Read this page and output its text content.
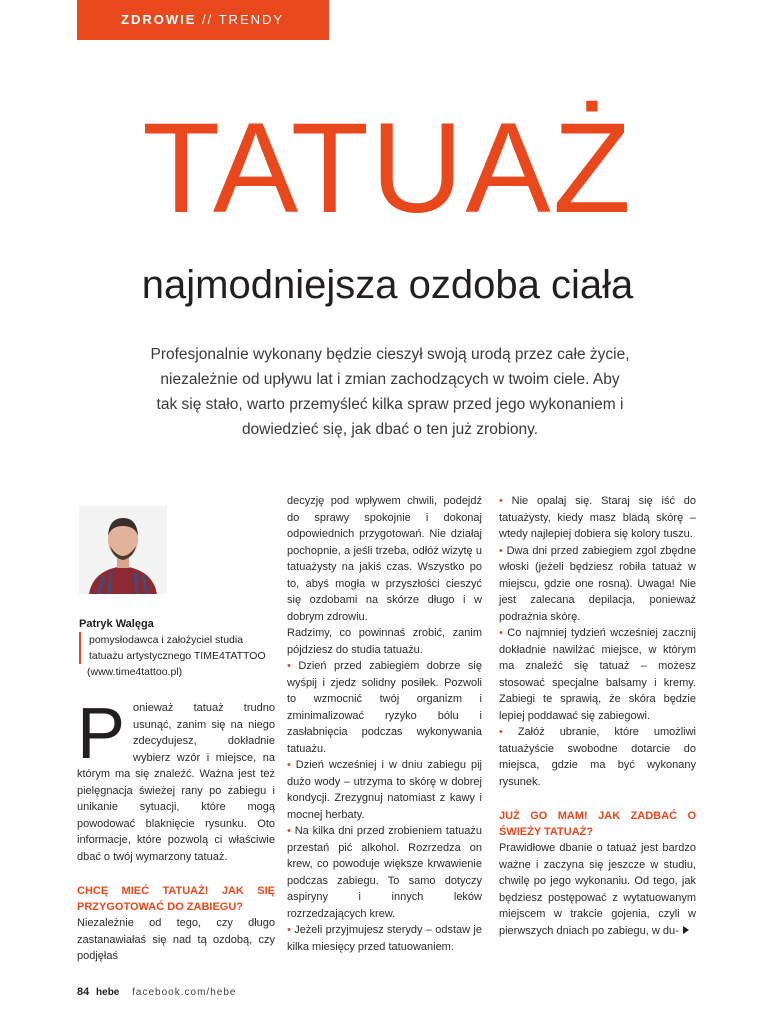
ZDROWIE // TRENDY
TATUAŻ
najmodniejsza ozdoba ciała
Profesjonalnie wykonany będzie cieszył swoją urodą przez całe życie, niezależnie od upływu lat i zmian zachodzących w twoim ciele. Aby tak się stało, warto przemyśleć kilka spraw przed jego wykonaniem i dowiedzieć się, jak dbać o ten już zrobiony.
Patryk Walęga
pomysłodawca i założyciel studia tatuażu artystycznego TIME4TATTOO
(www.time4tattoo.pl)

Ponieważ tatuaż trudno usunąć, zanim się na niego zdecydujesz, dokładnie wybierz wzór i miejsce, na którym ma się znaleźć. Ważna jest też pielęgnacja świeżej rany po zabiegu i unikanie sytuacji, które mogą powodować blaknięcie rysunku. Oto informacje, które pozwolą ci właściwie dbać o twój wymarzony tatuaż.

CHCĘ MIEĆ TATUAŻ! JAK SIĘ PRZYGOTOWAĆ DO ZABIEGU?

Niezależnie od tego, czy długo zastanawiałaś się nad tą ozdobą, czy podjęłaś

decyzję pod wpływem chwili, podejdź do sprawy spokojnie i dokonaj odpowiednich przygotowań. Nie działaj pochopnie, a jeśli trzeba, odłóż wizytę u tatuażysty na jakiś czas. Wszystko po to, abyś mogła w przyszłości cieszyć się ozdobami na skórze długo i w dobrym zdrowiu.

Radzimy, co powinnaś zrobić, zanim pójdziesz do studia tatuażu.

• Dzień przed zabiegiem dobrze się wyśpij i zjedz solidny posiłek. Pozwoli to wzmocnić twój organizm i zminimalizować ryzyko bólu i zasłabnięcia podczas wykonywania tatuażu.

• Dzień wcześniej i w dniu zabiegu pij dużo wody – utrzyma to skórę w dobrej kondycji. Zrezygnuj natomiast z kawy i mocnej herbaty.

• Na kilka dni przed zrobieniem tatuażu przestań pić alkohol. Rozrzedza on krew, co powoduje większe krwawienie podczas zabiegu. To samo dotyczy aspiryny i innych leków rozrzedzających krew.

• Jeżeli przyjmujesz sterydy – odstaw je kilka miesięcy przed tatuowaniem.

• Nie opalaj się. Staraj się iść do tatuażysty, kiedy masz bladą skórę – wtedy najlepiej dobiera się kolory tuszu.

• Dwa dni przed zabiegiem zgol zbędne włoski (jeżeli będziesz robiła tatuaż w miejscu, gdzie one rosną). Uwaga! Nie jest zalecana depilacja, ponieważ podrażnia skórę.

• Co najmniej tydzień wcześniej zacznij dokładnie nawilżać miejsce, w którym ma znaleźć się tatuaż – możesz stosować specjalne balsamy i kremy. Zabiegi te sprawią, że skóra będzie lepiej poddawać się zabiegowi.

• Załóż ubranie, które umożliwi tatuażyście swobodne dotarcie do miejsca, gdzie ma być wykonany rysunek.

JUŻ GO MAM! JAK ZADBAĆ O ŚWIEŻY TATUAŻ?

Prawidłowe dbanie o tatuaż jest bardzo ważne i zaczyna się jeszcze w studiu, chwilę po jego wykonaniu. Od tego, jak będziesz postępować z wytatuowanym miejscem w trakcie gojenia, czyli w pierwszych dniach po zabiegu, w du-

84 hebe facebook.com/hebe
